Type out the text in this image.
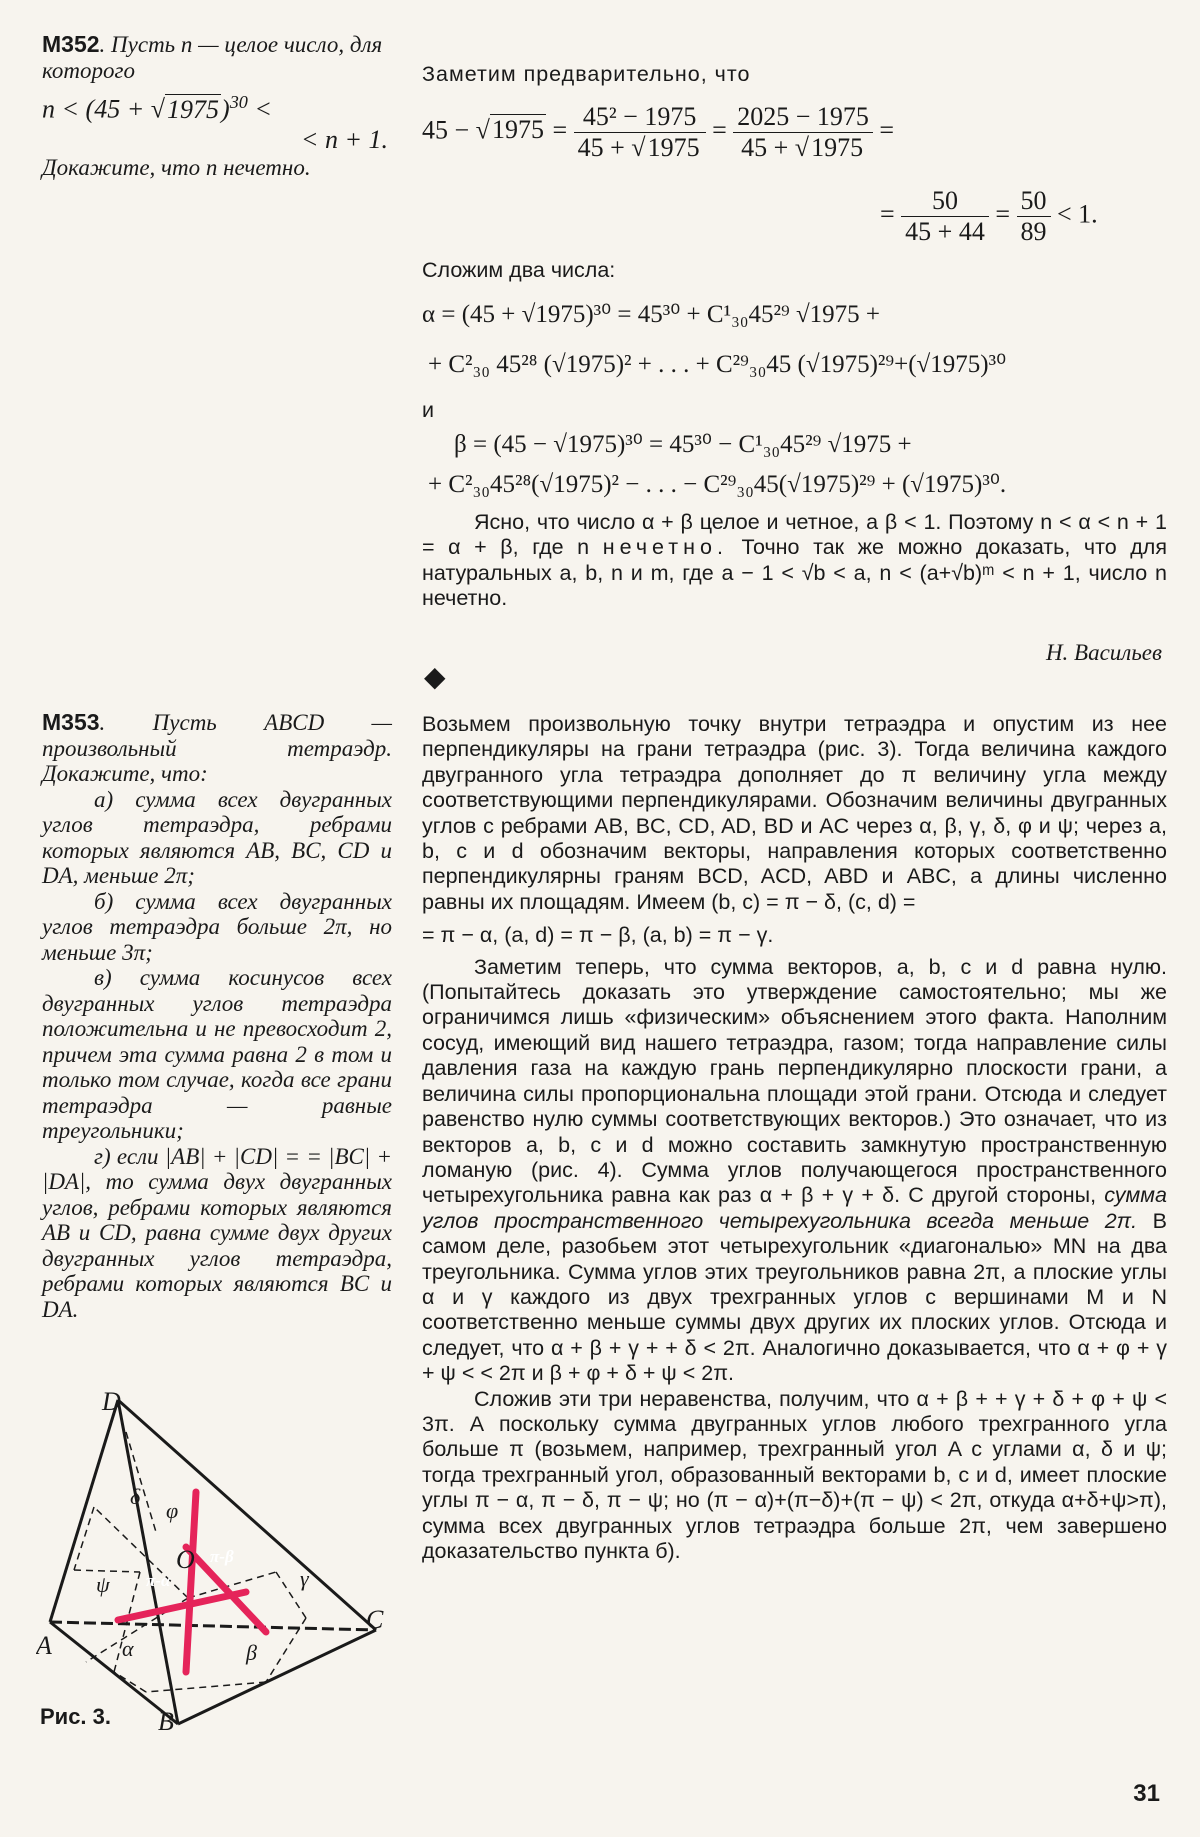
М352. Пусть n — целое число, для которого

$n < (45 + √1975)^{30}$ <

< n + 1.

Докажите, что n нечетно.

Заметим предварительно, что

$45 - √1975 = \frac{\text{45² − 1975}}{45 + √1975} = \frac{2025 - 1975}{45 + √1975}$ =
= $\frac{50}{45 + 44} = \frac{50}{89} < 1$.
Сложим два числа:
α = (45 + √1975)³⁰ = 45³⁰ + C¹₃₀45²⁹ √1975 +
+ C²₃₀ 45²⁸ (√1975)² + . . . + C²⁹₃₀45 (√1975)²⁹+(√1975)³⁰
и
β = (45 − √1975)³⁰ = 45³⁰ − C¹₃₀45²⁹ √1975 +
+ C²₃₀45²⁸(√1975)² − . . . − C²⁹₃₀45(√1975)²⁹ + (√1975)³⁰.

Ясно, что число α + β целое и четное, а β < 1. Поэтому n < α < n + 1 = α + β, где n нечетно. Точно так же можно доказать, что для натуральных a, b, n и m, где a − 1 < √b < a, n < (a+√b)ᵐ < n + 1, число n нечетно.

Н. Васильев
◆

М353. Пусть ABCD — произвольный тетраэдр. Докажите, что:

а) сумма всех двугранных углов тетраэдра, ребрами которых являются AB, BC, CD и DA, меньше 2π;

б) сумма всех двугранных углов тетраэдра больше 2π, но меньше 3π;

в) сумма косинусов всех двугранных углов тетраэдра положительна и не превосходит 2, причем эта сумма равна 2 в том и только том случае, когда все грани тетраэдра — равные треугольники;

г) если |AB| + |CD| = = |BC| + |DA|, то сумма двух двугранных углов, ребрами которых являются AB и CD, равна сумме двух других двугранных углов тетраэдра, ребрами которых являются BC и DA.

D
A
B
C
O
δ
φ
ψ	γ
α	β
π-α
π-β
Рис. 3.

Возьмем произвольную точку внутри тетраэдра и опустим из нее перпендикуляры на грани тетраэдра (рис. 3). Тогда величина каждого двугранного угла тетраэдра дополняет до π величину угла между соответствующими перпендикулярами. Обозначим величины двугранных углов с ребрами AB, BC, CD, AD, BD и AC через α, β, γ, δ, φ и ψ; через a, b, c и d обозначим векторы, направления которых соответственно перпендикулярны граням BCD, ACD, ABD и ABC, а длины численно равны их площадям. Имеем (b, c) = π − δ, (c, d) =

= π − α, (a, d) = π − β, (a, b) = π − γ.

Заметим теперь, что сумма векторов, a, b, c и d равна нулю. (Попытайтесь доказать это утверждение самостоятельно; мы же ограничимся лишь «физическим» объяснением этого факта. Наполним сосуд, имеющий вид нашего тетраэдра, газом; тогда направление силы давления газа на каждую грань перпендикулярно плоскости грани, а величина силы пропорциональна площади этой грани. Отсюда и следует равенство нулю суммы соответствующих векторов.) Это означает, что из векторов a, b, c и d можно составить замкнутую пространственную ломаную (рис. 4). Сумма углов получающегося пространственного четырехугольника равна как раз α + β + γ + δ. С другой стороны, сумма углов пространственного четырехугольника всегда меньше 2π. В самом деле, разобьем этот четырехугольник «диагональю» MN на два треугольника. Сумма углов этих треугольников равна 2π, а плоские углы α и γ каждого из двух трехгранных углов с вершинами M и N соответственно меньше суммы двух других их плоских углов. Отсюда и следует, что α + β + γ + + δ < 2π. Аналогично доказывается, что α + φ + γ + ψ < < 2π и β + φ + δ + ψ < 2π.

Сложив эти три неравенства, получим, что α + β + + γ + δ + φ + ψ < 3π. А поскольку сумма двугранных углов любого трехгранного угла больше π (возьмем, например, трехгранный угол A с углами α, δ и ψ; тогда трехгранный угол, образованный векторами b, c и d, имеет плоские углы π − α, π − δ, π − ψ; но (π − α)+(π−δ)+(π − ψ) < 2π, откуда α+δ+ψ>π), сумма всех двугранных углов тетраэдра больше 2π, чем завершено доказательство пункта б).

31
